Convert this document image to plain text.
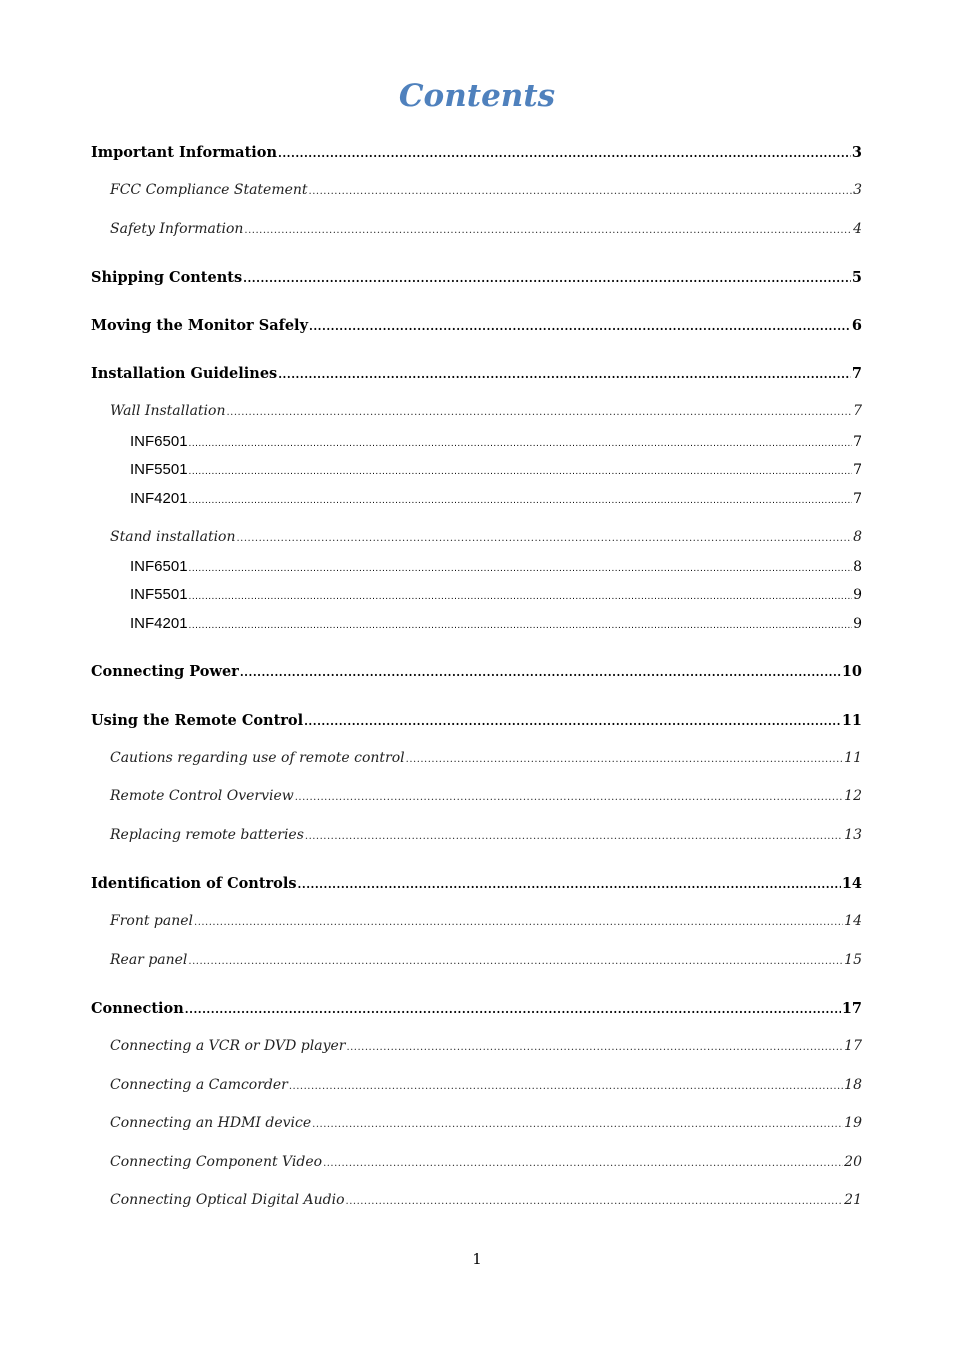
Contents
Important Information .....	3
FCC Compliance Statement .....	3
Safety Information .....	4
Shipping Contents .....	5
Moving the Monitor Safely .....	6
Installation Guidelines .....	7
Wall Installation .....	7
INF6501 .....	7
INF5501 .....	7
INF4201 .....	7
Stand installation .....	8
INF6501 .....	8
INF5501 .....	9
INF4201 .....	9
Connecting Power .....	10
Using the Remote Control .....	11
Cautions regarding use of remote control .....	11
Remote Control Overview .....	12
Replacing remote batteries .....	13
Identification of Controls .....	14
Front panel .....	14
Rear panel .....	15
Connection .....	17
Connecting a VCR or DVD player .....	17
Connecting a Camcorder .....	18
Connecting an HDMI device .....	19
Connecting Component Video .....	20
Connecting Optical Digital Audio .....	21
1
